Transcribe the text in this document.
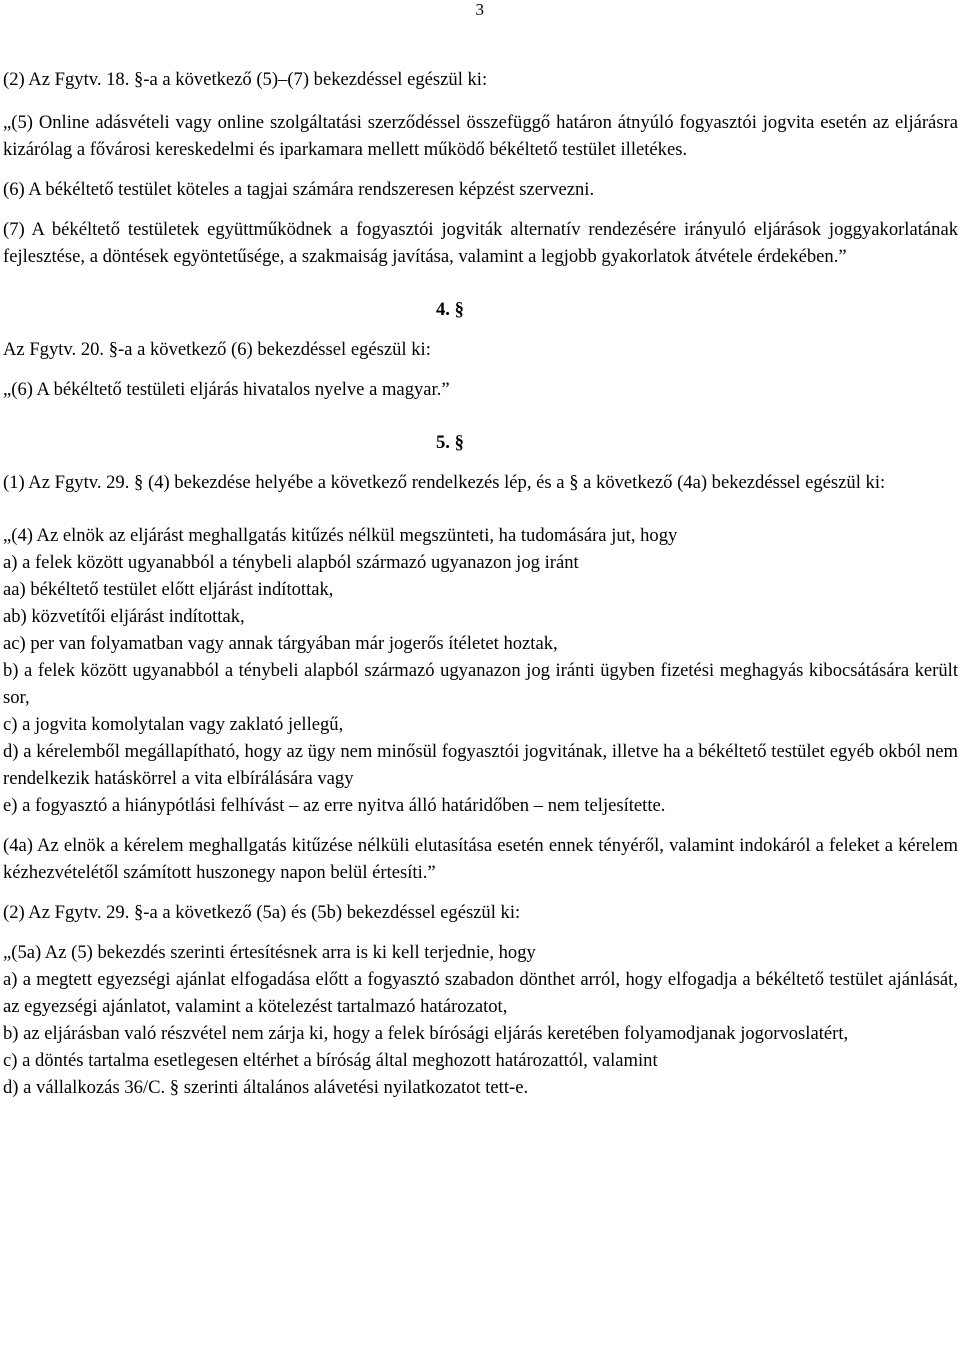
3

(2) Az Fgytv. 18. §-a a következő (5)–(7) bekezdéssel egészül ki:

„(5) Online adásvételi vagy online szolgáltatási szerződéssel összefüggő határon átnyúló fogyasztói jogvita esetén az eljárásra kizárólag a fővárosi kereskedelmi és iparkamara mellett működő békéltető testület illetékes.

(6) A békéltető testület köteles a tagjai számára rendszeresen képzést szervezni.

(7) A békéltető testületek együttműködnek a fogyasztói jogviták alternatív rendezésére irányuló eljárások joggyakorlatának fejlesztése, a döntések egyöntetűsége, a szakmaiság javítása, valamint a legjobb gyakorlatok átvétele érdekében.”

4. §

Az Fgytv. 20. §-a a következő (6) bekezdéssel egészül ki:

„(6) A békéltető testületi eljárás hivatalos nyelve a magyar.”

5. §

(1) Az Fgytv. 29. § (4) bekezdése helyébe a következő rendelkezés lép, és a § a következő (4a) bekezdéssel egészül ki:

„(4) Az elnök az eljárást meghallgatás kitűzés nélkül megszünteti, ha tudomására jut, hogy

a) a felek között ugyanabból a ténybeli alapból származó ugyanazon jog iránt

aa) békéltető testület előtt eljárást indítottak,

ab) közvetítői eljárást indítottak,

ac) per van folyamatban vagy annak tárgyában már jogerős ítéletet hoztak,

b) a felek között ugyanabból a ténybeli alapból származó ugyanazon jog iránti ügyben fizetési meghagyás kibocsátására került sor,

c) a jogvita komolytalan vagy zaklató jellegű,

d) a kérelemből megállapítható, hogy az ügy nem minősül fogyasztói jogvitának, illetve ha a békéltető testület egyéb okból nem rendelkezik hatáskörrel a vita elbírálására vagy

e) a fogyasztó a hiánypótlási felhívást – az erre nyitva álló határidőben – nem teljesítette.

(4a) Az elnök a kérelem meghallgatás kitűzése nélküli elutasítása esetén ennek tényéről, valamint indokáról a feleket a kérelem kézhezvételétől számított huszonegy napon belül értesíti.”

(2) Az Fgytv. 29. §-a a következő (5a) és (5b) bekezdéssel egészül ki:

„(5a) Az (5) bekezdés szerinti értesítésnek arra is ki kell terjednie, hogy

a) a megtett egyezségi ajánlat elfogadása előtt a fogyasztó szabadon dönthet arról, hogy elfogadja a békéltető testület ajánlását, az egyezségi ajánlatot, valamint a kötelezést tartalmazó határozatot,

b) az eljárásban való részvétel nem zárja ki, hogy a felek bírósági eljárás keretében folyamodjanak jogorvoslatért,

c) a döntés tartalma esetlegesen eltérhet a bíróság által meghozott határozattól, valamint

d) a vállalkozás 36/C. § szerinti általános alávetési nyilatkozatot tett-e.
